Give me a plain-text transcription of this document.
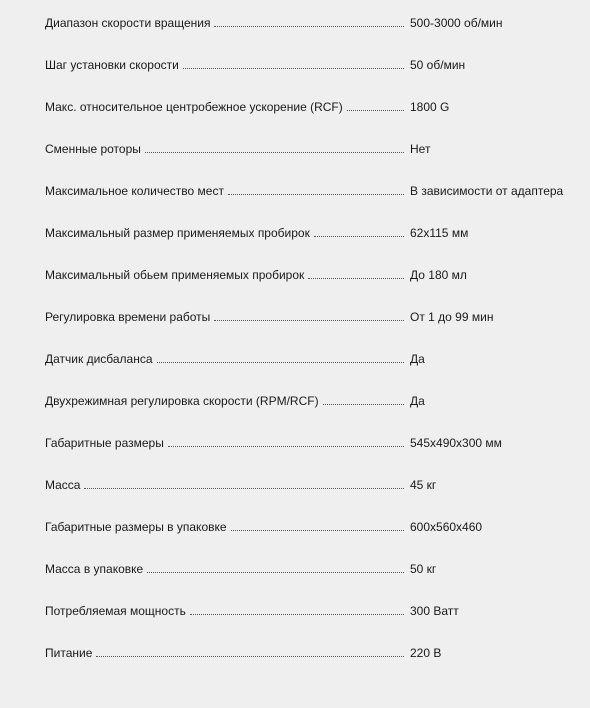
Диапазон скорости вращения	500-3000 об/мин
Шаг установки скорости	50 об/мин
Макс. относительное центробежное ускорение (RCF)	1800 G
Сменные роторы	Нет
Максимальное количество мест	В зависимости от адаптера
Максимальный размер применяемых пробирок	62x115 мм
Максимальный обьем применяемых пробирок	До 180 мл
Регулировка времени работы	От 1 до 99 мин
Датчик дисбаланса	Да
Двухрежимная регулировка скорости (RPM/RCF)	Да
Габаритные размеры	545x490x300 мм
Масса	45 кг
Габаритные размеры в упаковке	600x560x460
Масса в упаковке	50 кг
Потребляемая мощность	300 Ватт
Питание	220 В
